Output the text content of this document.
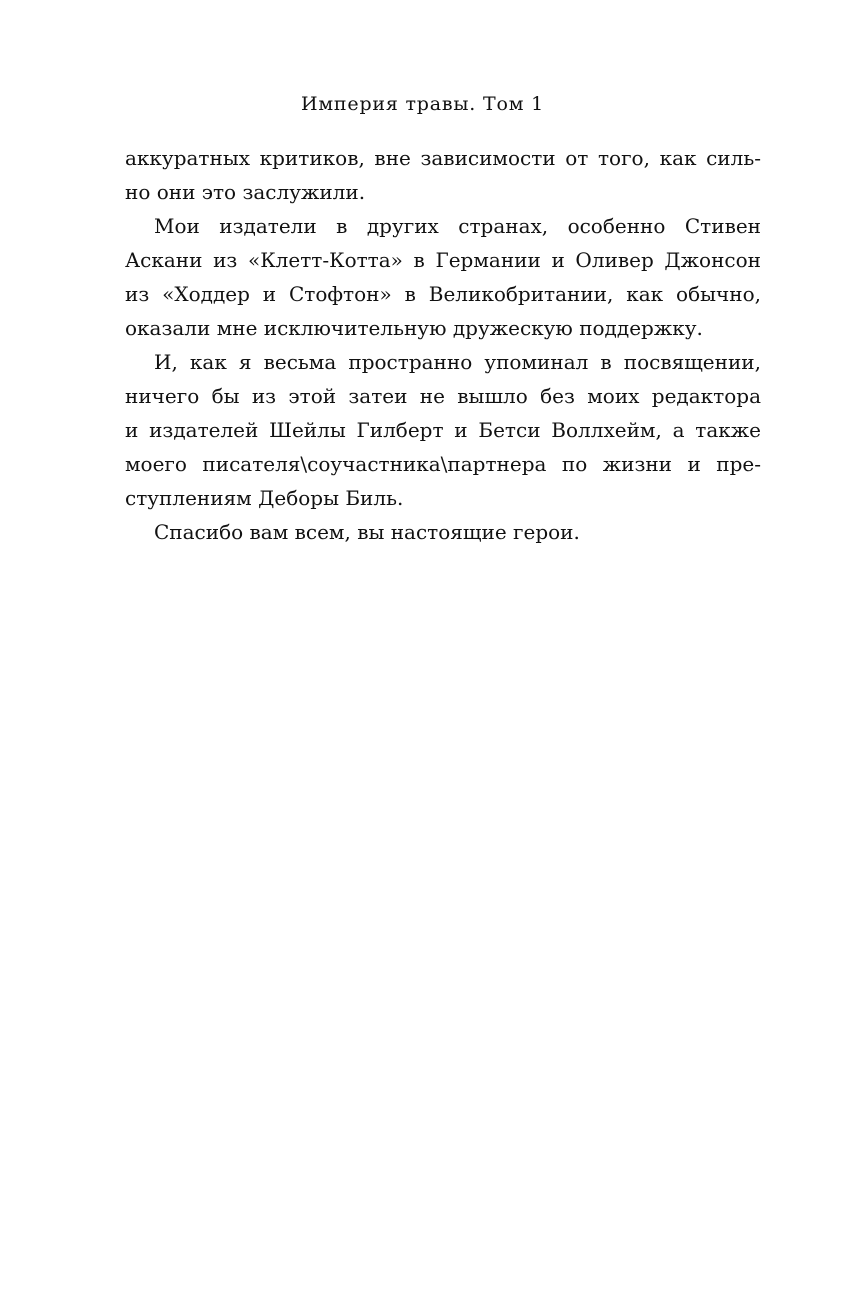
Империя травы. Том 1
аккуратных критиков, вне зависимости от того, как силь-
но они это заслужили.
Мои издатели в других странах, особенно Стивен
Аскани из «Клетт-Котта» в Германии и Оливер Джонсон
из «Ходдер и Стофтон» в Великобритании, как обычно,
оказали мне исключительную дружескую поддержку.
И, как я весьма пространно упоминал в посвящении,
ничего бы из этой затеи не вышло без моих редактора
и издателей Шейлы Гилберт и Бетси Воллхейм, а также
моего писателя\соучастника\партнера по жизни и пре-
ступлениям Деборы Биль.
Спасибо вам всем, вы настоящие герои.
